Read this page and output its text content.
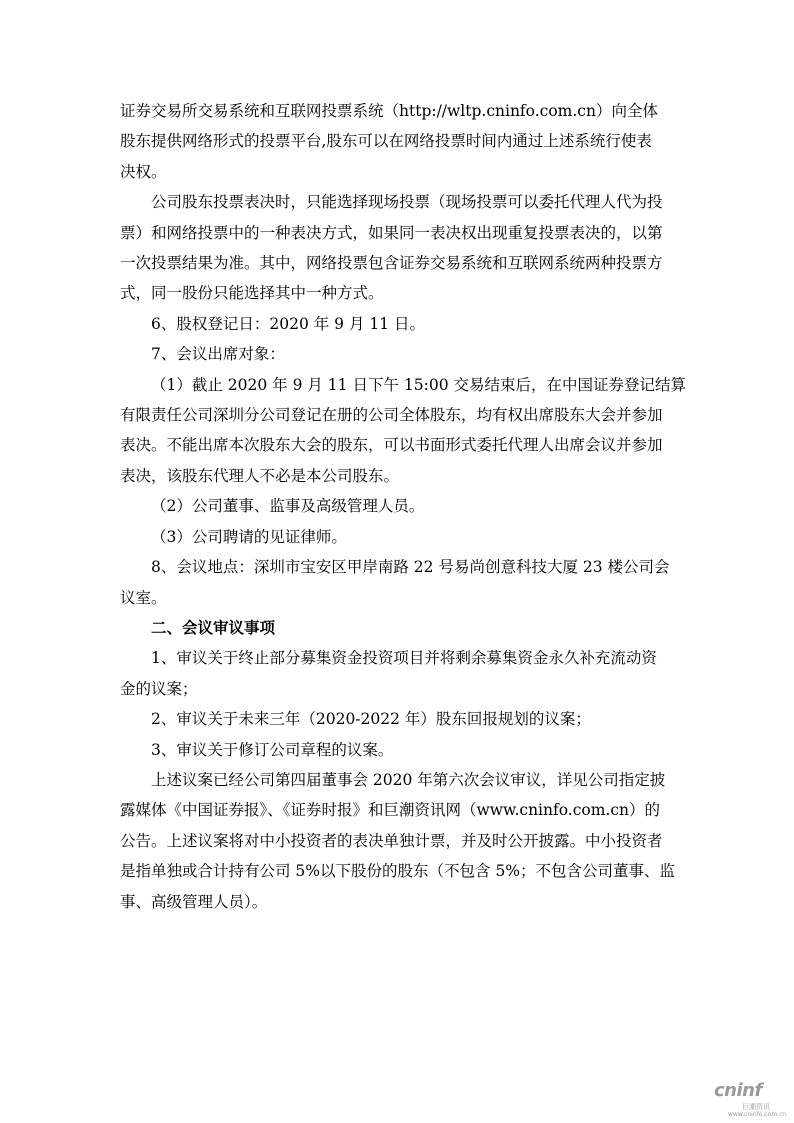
证券交易所交易系统和互联网投票系统（http://wltp.cninfo.com.cn）向全体
股东提供网络形式的投票平台,股东可以在网络投票时间内通过上述系统行使表
决权。

公司股东投票表决时，只能选择现场投票（现场投票可以委托代理人代为投
票）和网络投票中的一种表决方式，如果同一表决权出现重复投票表决的，以第
一次投票结果为准。其中，网络投票包含证券交易系统和互联网系统两种投票方
式，同一股份只能选择其中一种方式。

6、股权登记日：2020 年 9 月 11 日。

7、会议出席对象：

（1）截止 2020 年 9 月 11 日下午 15:00 交易结束后，在中国证券登记结算
有限责任公司深圳分公司登记在册的公司全体股东，均有权出席股东大会并参加
表决。不能出席本次股东大会的股东，可以书面形式委托代理人出席会议并参加
表决，该股东代理人不必是本公司股东。

（2）公司董事、监事及高级管理人员。

（3）公司聘请的见证律师。

8、会议地点：深圳市宝安区甲岸南路 22 号易尚创意科技大厦 23 楼公司会
议室。

二、会议审议事项

1、审议关于终止部分募集资金投资项目并将剩余募集资金永久补充流动资
金的议案；

2、审议关于未来三年（2020-2022 年）股东回报规划的议案；

3、审议关于修订公司章程的议案。

上述议案已经公司第四届董事会 2020 年第六次会议审议，详见公司指定披
露媒体《中国证券报》、《证券时报》和巨潮资讯网（www.cninfo.com.cn）的
公告。上述议案将对中小投资者的表决单独计票，并及时公开披露。中小投资者
是指单独或合计持有公司 5%以下股份的股东（不包含 5%；不包含公司董事、监
事、高级管理人员）。

cninf
巨潮资讯
www.cninfo.com.cn
